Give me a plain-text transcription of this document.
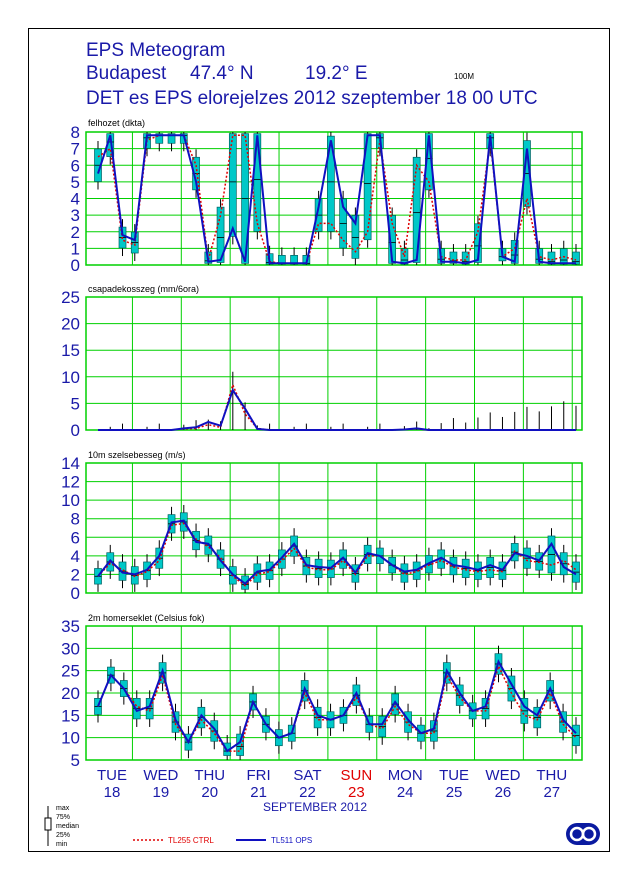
EPS Meteogram
Budapest 47.4° N	19.2° E	100M
DET es EPS elorejelzes 2012 szeptember 18 00 UTC
0
1
2
3
4
5
6
7
8 felhozet (dkta)
0
5
10
15
20
25 csapadekosszeg (mm/6ora)
0
2
4
6
8
10
12
14 10m szelsebesseg (m/s)
5
10
15
20
25
30
35 2m homerseklet (Celsius fok)
TUE
18
WED
19
THU
20
FRI
21
SAT
22
SUN
23
MON
24
TUE
25
WED
26
THU
27
SEPTEMBER 2012
max
75%
median
25%
min	TL255 CTRL	TL511 OPS
